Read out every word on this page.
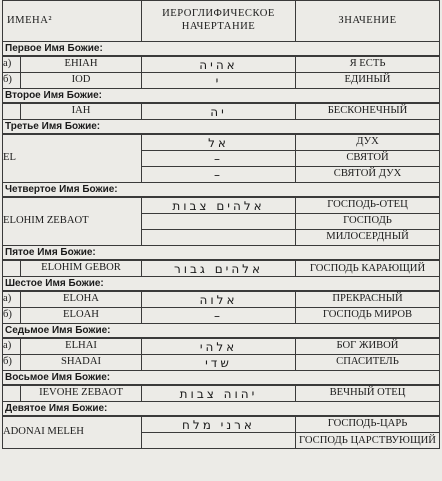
ИМЕНА²		ИЕРОГЛИФИЧЕСКОЕ НАЧЕРТАНИЕ	ЗНАЧЕНИЕ
Первое Имя Божие:			
а)	EHIAH	אהיה	Я ЕСТЬ
б)	IOD	י	ЕДИНЫЙ
Второе Имя Божие:			
	IAH	יה	БЕСКОНЕЧНЫЙ
Третье Имя Божие:			
EL		אל	ДУХ
		–	СВЯТОЙ
		–	СВЯТОЙ ДУХ
Четвертое Имя Божие:			
ELOHIM ZEBAOT		אלהים צבות	ГОСПОДЬ-ОТЕЦ
			ГОСПОДЬ
			МИЛОСЕРДНЫЙ
Пятое Имя Божие:			
	ELOHIM GEBOR	אלהים גבור	ГОСПОДЬ КАРАЮЩИЙ
Шестое Имя Божие:			
а)	ELOHA	אלוה	ПРЕКРАСНЫЙ
б)	ELOAH	–	ГОСПОДЬ МИРОВ
Седьмое Имя Божие:			
а)	ELHAI	אלהי	БОГ ЖИВОЙ
б)	SHADAI	שדי	СПАСИТЕЛЬ
Восьмое Имя Божие:			
	IEVOHE ZEBAOT	יהוה צבות	ВЕЧНЫЙ ОТЕЦ
Девятое Имя Божие:			
ADONAI MELEH		ארני מלח	ГОСПОДЬ-ЦАРЬ
			ГОСПОДЬ ЦАРСТВУЮЩИЙ
